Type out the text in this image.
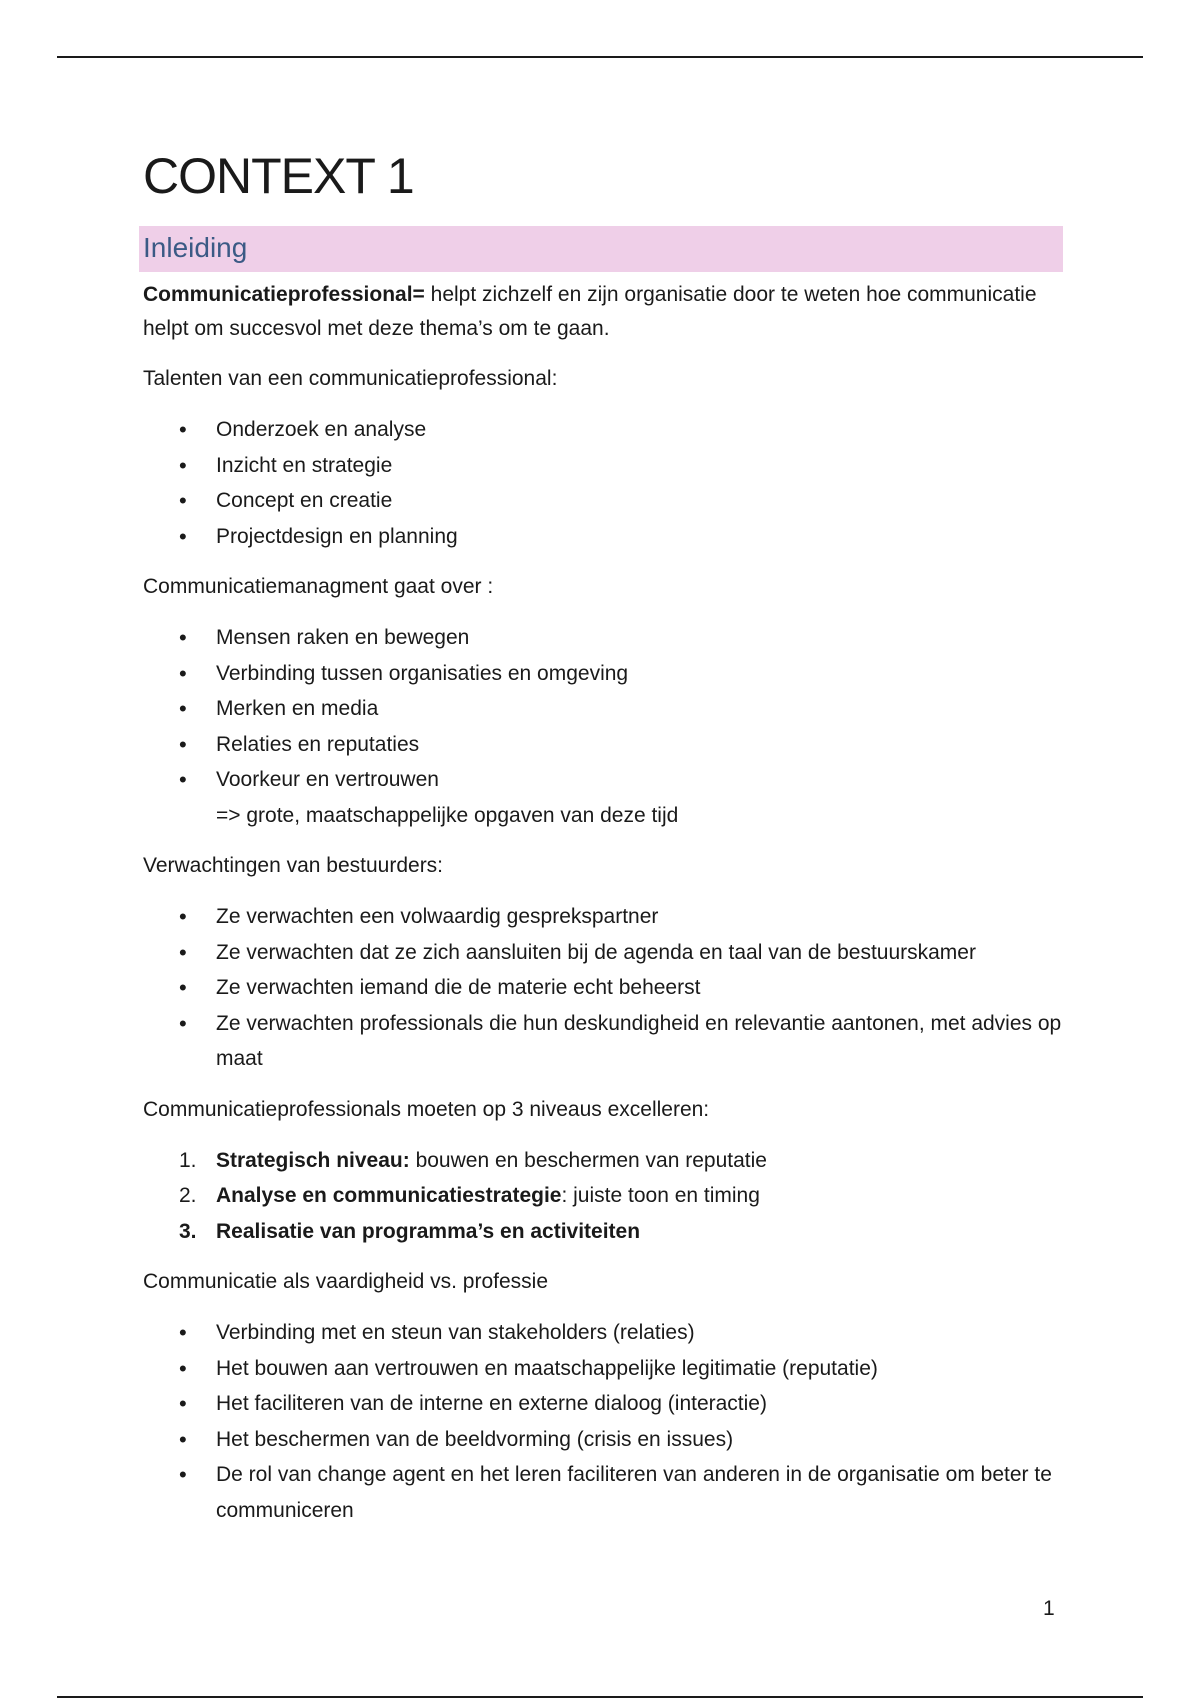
CONTEXT 1
Inleiding

Communicatieprofessional= helpt zichzelf en zijn organisatie door te weten hoe communicatie helpt om succesvol met deze thema’s om te gaan.

Talenten van een communicatieprofessional:

• Onderzoek en analyse
• Inzicht en strategie
• Concept en creatie
• Projectdesign en planning

Communicatiemanagment gaat over :

• Mensen raken en bewegen
• Verbinding tussen organisaties en omgeving
• Merken en media
• Relaties en reputaties
• Voorkeur en vertrouwen
=> grote, maatschappelijke opgaven van deze tijd

Verwachtingen van bestuurders:

• Ze verwachten een volwaardig gesprekspartner
• Ze verwachten dat ze zich aansluiten bij de agenda en taal van de bestuurskamer
• Ze verwachten iemand die de materie echt beheerst
• Ze verwachten professionals die hun deskundigheid en relevantie aantonen, met advies op maat

Communicatieprofessionals moeten op 3 niveaus excelleren:

1. Strategisch niveau: bouwen en beschermen van reputatie
2. Analyse en communicatiestrategie: juiste toon en timing
3. Realisatie van programma’s en activiteiten

Communicatie als vaardigheid vs. professie

• Verbinding met en steun van stakeholders (relaties)
• Het bouwen aan vertrouwen en maatschappelijke legitimatie (reputatie)
• Het faciliteren van de interne en externe dialoog (interactie)
• Het beschermen van de beeldvorming (crisis en issues)
• De rol van change agent en het leren faciliteren van anderen in de organisatie om beter te communiceren
1
